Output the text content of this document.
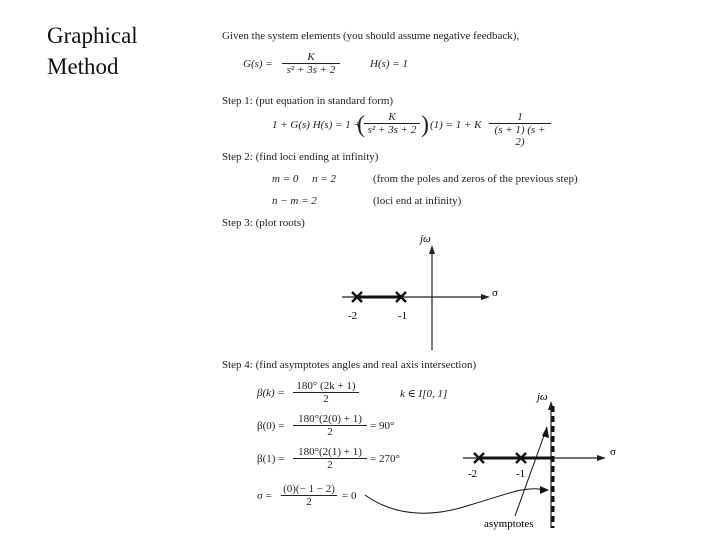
Graphical
Method
Given the system elements (you should assume negative feedback),
$G(s) = \frac{K}{\text{s² + 3s + 2}}$	H(s) = 1
Step 1: (put equation in standard form)
1 + G(s) H(s) = 1 +
( $\frac{K}{\text{s² + 3s + 2}}$ ) (1) = 1 + K $\frac{1}{(s + 1) (s + 2)}$
Step 2: (find loci ending at infinity)
m = 0     n = 2	(from the poles and zeros of the previous step)
n − m = 2	(loci end at infinity)
Step 3: (plot roots)
jω
σ
-2	-1
Step 4: (find asymptotes angles and real axis intersection)
$\beta(k) = \frac{180^\circ (2k + 1)}{2}$	k ∈ I[0, 1]
$\beta(0) = \frac{180^\circ(2(0) + 1)}{2} = 90^\circ$
$\beta(1) = \frac{180^\circ(2(1) + 1)}{2} = 270^\circ$
$\sigma = \frac{(0)(- 1 - 2)}{2} = 0$
jω
σ
-2	-1
asymptotes
